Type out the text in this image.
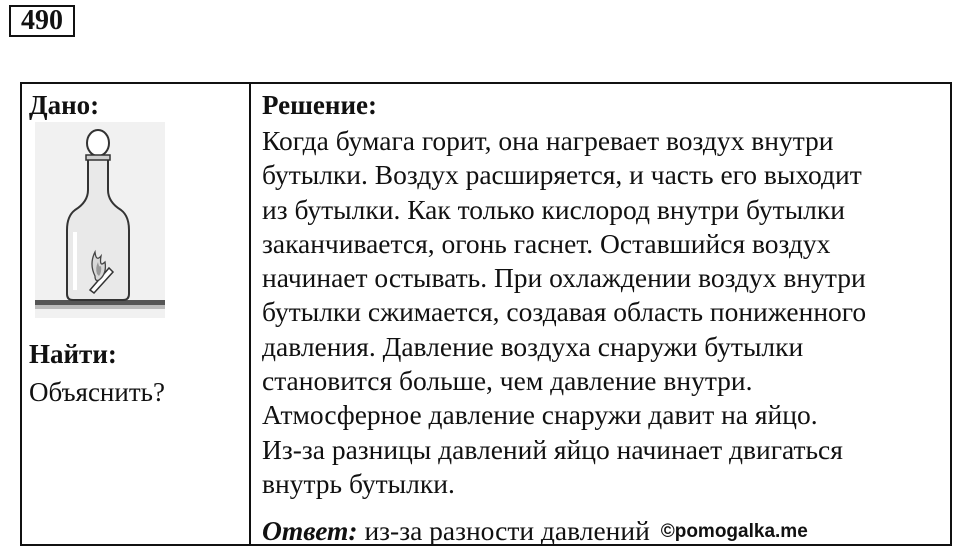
490
Дано:
Найти:
Объяснить?
Решение:
Когда бумага горит, она нагревает воздух внутри
бутылки. Воздух расширяется, и часть его выходит
из бутылки. Как только кислород внутри бутылки
заканчивается, огонь гаснет. Оставшийся воздух
начинает остывать. При охлаждении воздух внутри
бутылки сжимается, создавая область пониженного
давления. Давление воздуха снаружи бутылки
становится больше, чем давление внутри.
Атмосферное давление снаружи давит на яйцо.
Из-за разницы давлений яйцо начинает двигаться
внутрь бутылки.
Ответ: из-за разности давлений ©pomogalka.me
